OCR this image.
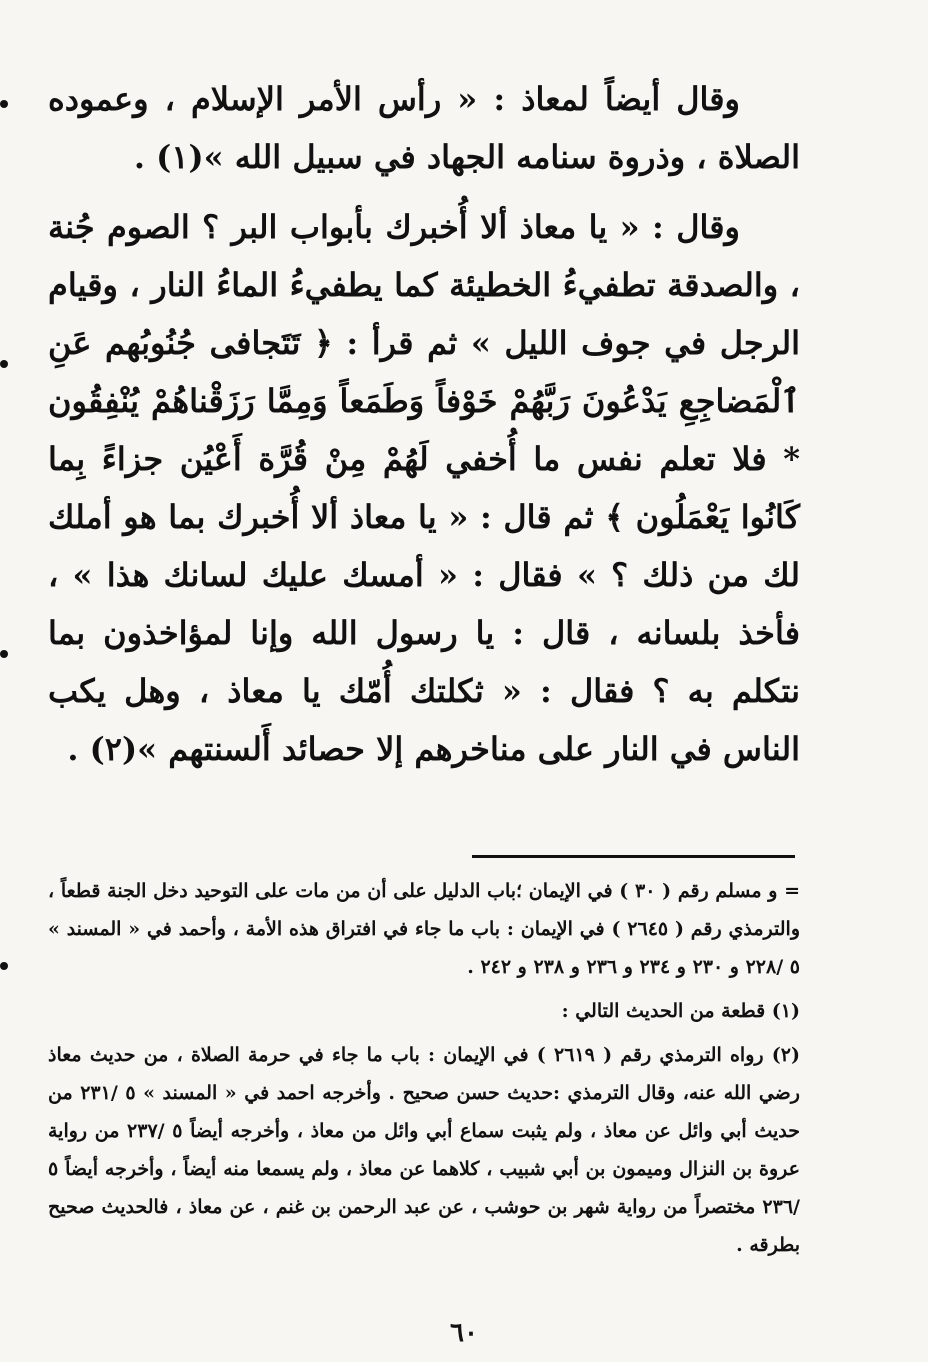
وقال أيضاً لمعاذ : « رأس الأمر الإسلام ، وعموده الصلاة ، وذروة سنامه الجهاد في سبيل الله »(١) .

وقال : « يا معاذ ألا أُخبرك بأبواب البر ؟ الصوم جُنة ، والصدقة تطفيءُ الخطيئة كما يطفيءُ الماءُ النار ، وقيام الرجل في جوف الليل » ثم قرأ : ﴿ تَتَجافى جُنُوبُهم عَنِ ٱلْمَضاجِعِ يَدْعُونَ رَبَّهُمْ خَوْفاً وَطَمَعاً وَمِمَّا رَزَقْناهُمْ يُنْفِقُون * فلا تعلم نفس ما أُخفي لَهُمْ مِنْ قُرَّة أَعْيُن جزاءً بِما كَانُوا يَعْمَلُون ﴾ ثم قال : « يا معاذ ألا أُخبرك بما هو أملك لك من ذلك ؟ » فقال : « أمسك عليك لسانك هذا » ، فأخذ بلسانه ، قال : يا رسول الله وإنا لمؤاخذون بما نتكلم به ؟ فقال : « ثكلتك أُمّك يا معاذ ، وهل يكب الناس في النار على مناخرهم إلا حصائد أَلسنتهم »(٢) .

= و مسلم رقم ( ٣٠ ) في الإيمان ؛باب الدليل على أن من مات على التوحيد دخل الجنة قطعاً ، والترمذي رقم ( ٢٦٤٥ ) في الإيمان : باب ما جاء في افتراق هذه الأمة ، وأحمد في « المسند » ٥ /٢٢٨ و ٢٣٠ و ٢٣٤ و ٢٣٦ و ٢٣٨ و ٢٤٢ .

(١) قطعة من الحديث التالي :

(٢) رواه الترمذي رقم ( ٢٦١٩ ) في الإيمان : باب ما جاء في حرمة الصلاة ، من حديث معاذ رضي الله عنه، وقال الترمذي :حديث حسن صحيح . وأخرجه احمد في « المسند » ٥ /٢٣١ من حديث أبي وائل عن معاذ ، ولم يثبت سماع أبي وائل من معاذ ، وأخرجه أيضاً ٥ /٢٣٧ من رواية عروة بن النزال وميمون بن أبي شبيب ، كلاهما عن معاذ ، ولم يسمعا منه أيضاً ، وأخرجه أيضاً ٥ /٢٣٦ مختصراً من رواية شهر بن حوشب ، عن عبد الرحمن بن غنم ، عن معاذ ، فالحديث صحيح بطرقه .

٦٠
